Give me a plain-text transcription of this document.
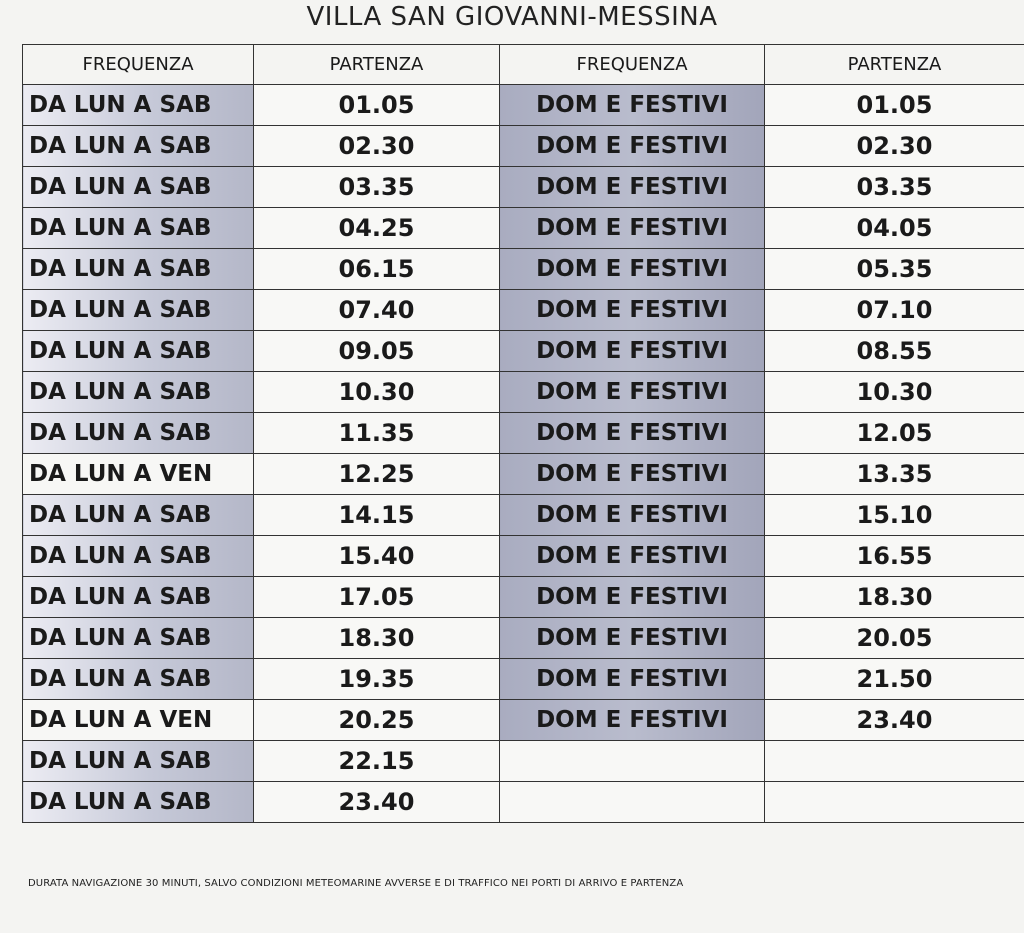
VILLA SAN GIOVANNI-MESSINA
FREQUENZA	PARTENZA	FREQUENZA	PARTENZA
DA LUN A SAB	01.05	DOM E FESTIVI	01.05
DA LUN A SAB	02.30	DOM E FESTIVI	02.30
DA LUN A SAB	03.35	DOM E FESTIVI	03.35
DA LUN A SAB	04.25	DOM E FESTIVI	04.05
DA LUN A SAB	06.15	DOM E FESTIVI	05.35
DA LUN A SAB	07.40	DOM E FESTIVI	07.10
DA LUN A SAB	09.05	DOM E FESTIVI	08.55
DA LUN A SAB	10.30	DOM E FESTIVI	10.30
DA LUN A SAB	11.35	DOM E FESTIVI	12.05
DA LUN A VEN	12.25	DOM E FESTIVI	13.35
DA LUN A SAB	14.15	DOM E FESTIVI	15.10
DA LUN A SAB	15.40	DOM E FESTIVI	16.55
DA LUN A SAB	17.05	DOM E FESTIVI	18.30
DA LUN A SAB	18.30	DOM E FESTIVI	20.05
DA LUN A SAB	19.35	DOM E FESTIVI	21.50
DA LUN A VEN	20.25	DOM E FESTIVI	23.40
DA LUN A SAB	22.15		
DA LUN A SAB	23.40		
DURATA NAVIGAZIONE 30 MINUTI, SALVO CONDIZIONI METEOMARINE AVVERSE E DI TRAFFICO NEI PORTI DI ARRIVO E PARTENZA
